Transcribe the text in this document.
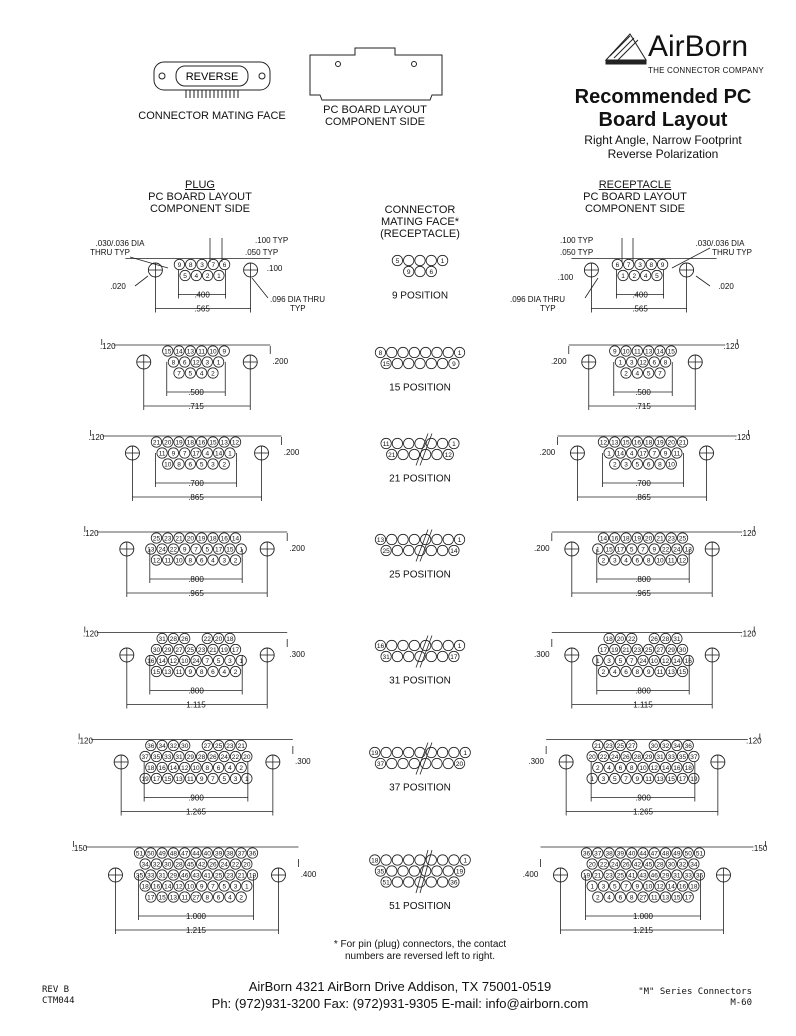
AirBorn
THE CONNECTOR COMPANY
Recommended PC
Board Layout
Right Angle, Narrow Footprint
Reverse Polarization
CONNECTOR MATING FACE	PC BOARD LAYOUT
COMPONENT SIDE
PLUG
PC BOARD LAYOUT
COMPONENT SIDE	CONNECTOR
MATING FACE*
(RECEPTACLE)
RECEPTACLE
PC BOARD LAYOUT
COMPONENT SIDE
* For pin (plug) connectors, the contact
numbers are reversed left to right.
REV B
CTM044
AirBorn 4321 AirBorn Drive Addison, TX 75001-0519
Ph: (972)931-3200 Fax: (972)931-9305 E-mail: info@airborn.com
"M" Series Connectors
M-60
REVERSE
9 8 3 7 6
5 4 2 1
6 7 3 8 9
1 2 4 5
.400
.565
.400
.565
.100
.100
5	1
9	6
9 POSITION
15 14 13 11 10 9
8 6 12 3 1
7 5 4 2
9 10 11 13 14 15
1 3 12 6 8
2 4 5 7
.500
.715
.500
.715
.120
.200
.120
.200
8	1
15	9
15 POSITION
21 20 19 18 16 15 13 12
11 9 7 17 4 14 1
10 8 6 5 3 2
12 13 15 16 18 19 20 21
1 14 4 17 7 9 11
2 3 5 6 8 10
.700
.865
.700
.865
.120
.200
.120
.200
11	1
21	12
21 POSITION
25 23 21 20 19 18 16 14
13 24 22 9 7 5 17 15 1
12 11 10 8 6 4 3 2
14 16 18 19 20 21 23 25
1 15 17 5 7 9 22 24 13
2 3 4 6 8 10 11 12
.800
.965
.800
.965
.120
.200
.120
.200
13	1
25	14
25 POSITION
31 28 26 22 20 18
30 29 27 25 23 21 19 17
16 14 12 10 24 7 5 3 1
15 13 11 9 8 6 4 2
18 20 22 26 28 31
17 19 21 23 25 27 29 30
1 3 5 7 24 10 12 14 16
2 4 6 8 9 11 13 15
.800
1.115
.800
1.115
.120
.300
.120
.300
16	1
31	17
31 POSITION
36 34 32 30 27 25 23 21
37 35 33 31 29 28 26 24 22 20
18 16 14 12 10 8 6 4 2
19 17 15 13 11 9 7 5 3 1
21 23 25 27 30 32 34 36
20 22 24 26 28 29 31 33 35 37
2 4 6 8 10 12 14 16 18
1 3 5 7 9 11 13 15 17 19
.900
1.265
.900
1.265
.120
.300
.120
.300
19	1
37	20
37 POSITION
51 50 49 48 47 44 40 39 38 37 36
34 32 30 28 45 42 26 24 22 20
35 33 31 29 46 43 41 25 23 21 19
18 16 14 12 10 9 7 5 3 1
17 15 13 11 27 8 6 4 2
36 37 38 39 40 44 47 48 49 50 51
20 22 24 26 42 45 28 30 32 34
19 21 23 25 41 43 46 29 31 33 35
1 3 5 7 9 10 12 14 16 18
2 4 6 8 27 11 13 15 17
1.000
1.215
1.000
1.215
.150
.400
.150
.400
18	1
35	19
51	36
51 POSITION
.030/.036 DIA
THRU TYP
.100 TYP
.050 TYP
.020
.096 DIA THRU
TYP
.100 TYP
.050 TYP
.030/.036 DIA
THRU TYP
.020
.096 DIA THRU
TYP
